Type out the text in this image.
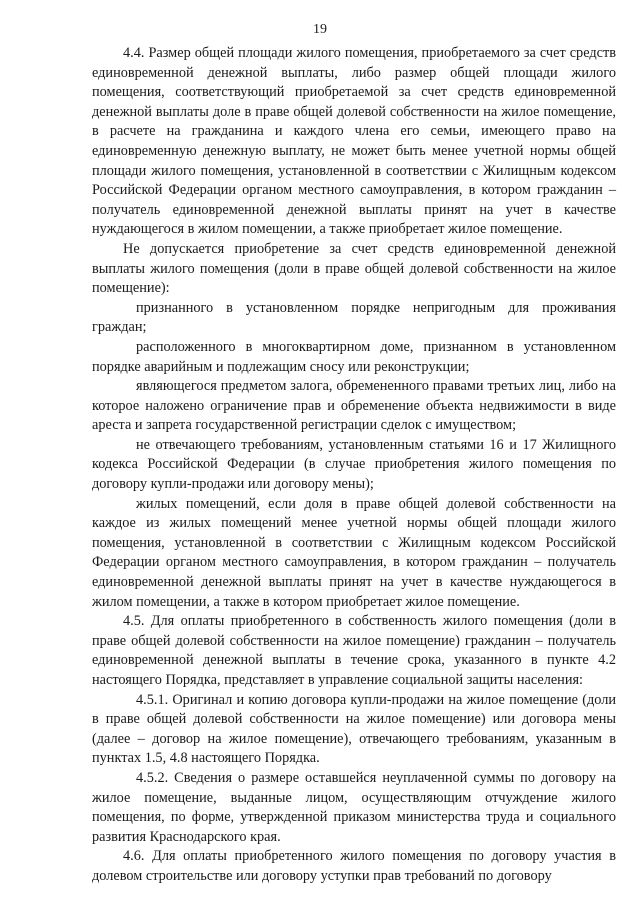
19

4.4. Размер общей площади жилого помещения, приобретаемого за счет средств единовременной денежной выплаты, либо размер общей площади жилого помещения, соответствующий приобретаемой за счет средств единовременной денежной выплаты доле в праве общей долевой собственности на жилое помещение, в расчете на гражданина и каждого члена его семьи, имеющего право на единовременную денежную выплату, не может быть менее учетной нормы общей площади жилого помещения, установленной в соответствии с Жилищным кодексом Российской Федерации органом местного самоуправления, в котором гражданин – получатель единовременной денежной выплаты принят на учет в качестве нуждающегося в жилом помещении, а также приобретает жилое помещение.

Не допускается приобретение за счет средств единовременной денежной выплаты жилого помещения (доли в праве общей долевой собственности на жилое помещение):

признанного в установленном порядке непригодным для проживания граждан;

расположенного в многоквартирном доме, признанном в установленном порядке аварийным и подлежащим сносу или реконструкции;

являющегося предметом залога, обремененного правами третьих лиц, либо на которое наложено ограничение прав и обременение объекта недвижимости в виде ареста и запрета государственной регистрации сделок с имуществом;

не отвечающего требованиям, установленным статьями 16 и 17 Жилищного кодекса Российской Федерации (в случае приобретения жилого помещения по договору купли-продажи или договору мены);

жилых помещений, если доля в праве общей долевой собственности на каждое из жилых помещений менее учетной нормы общей площади жилого помещения, установленной в соответствии с Жилищным кодексом Российской Федерации органом местного самоуправления, в котором гражданин – получатель единовременной денежной выплаты принят на учет в качестве нуждающегося в жилом помещении, а также в котором приобретает жилое помещение.

4.5. Для оплаты приобретенного в собственность жилого помещения (доли в праве общей долевой собственности на жилое помещение) гражданин – получатель единовременной денежной выплаты в течение срока, указанного в пункте 4.2 настоящего Порядка, представляет в управление социальной защиты населения:

4.5.1. Оригинал и копию договора купли-продажи на жилое помещение (доли в праве общей долевой собственности на жилое помещение) или договора мены (далее – договор на жилое помещение), отвечающего требованиям, указанным в пунктах 1.5, 4.8 настоящего Порядка.

4.5.2. Сведения о размере оставшейся неуплаченной суммы по договору на жилое помещение, выданные лицом, осуществляющим отчуждение жилого помещения, по форме, утвержденной приказом министерства труда и социального развития Краснодарского края.

4.6. Для оплаты приобретенного жилого помещения по договору участия в долевом строительстве или договору уступки прав требований по договору
